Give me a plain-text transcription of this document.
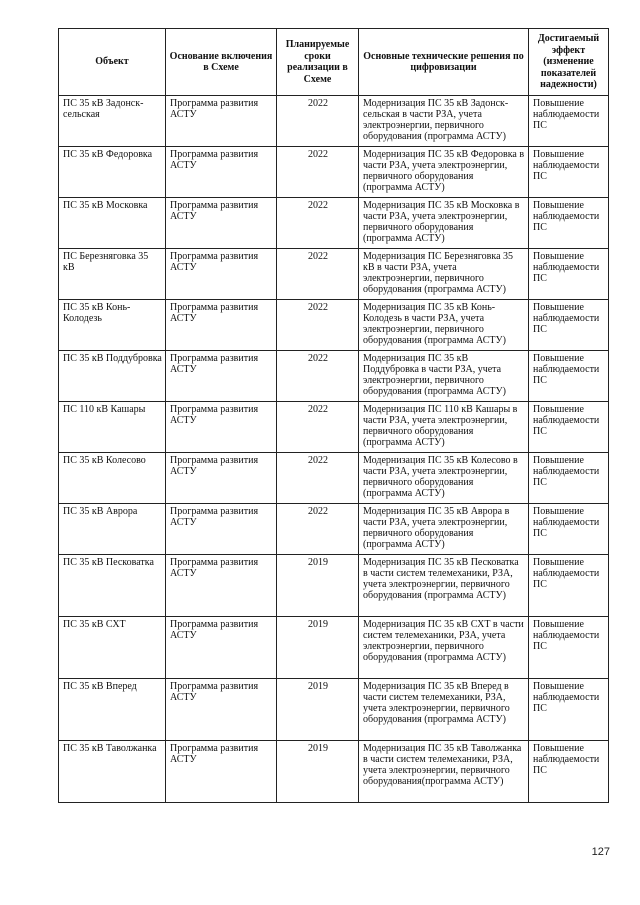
Объект	Основание включения в Схеме	Планируемые сроки реализации в Схеме	Основные технические решения по цифровизации	Достигаемый эффект (изменение показателей надежности)
ПС 35 кВ Задонск-сельская	Программа развития АСТУ	2022	Модернизация ПС 35 кВ Задонск-сельская в части РЗА, учета электроэнергии, первичного оборудования (программа АСТУ)	Повышение наблюдаемости ПС
ПС 35 кВ Федоровка	Программа развития АСТУ	2022	Модернизация ПС 35 кВ Федоровка в части РЗА, учета электроэнергии, первичного оборудования (программа АСТУ)	Повышение наблюдаемости ПС
ПС 35 кВ Московка	Программа развития АСТУ	2022	Модернизация ПС 35 кВ Московка в части РЗА, учета электроэнергии, первичного оборудования (программа АСТУ)	Повышение наблюдаемости ПС
ПС Березняговка 35 кВ	Программа развития АСТУ	2022	Модернизация ПС Березняговка 35 кВ в части РЗА, учета электроэнергии, первичного оборудования (программа АСТУ)	Повышение наблюдаемости ПС
ПС 35 кВ Конь-Колодезь	Программа развития АСТУ	2022	Модернизация ПС 35 кВ Конь-Колодезь в части РЗА, учета электроэнергии, первичного оборудования (программа АСТУ)	Повышение наблюдаемости ПС
ПС 35 кВ Поддубровка	Программа развития АСТУ	2022	Модернизация ПС 35 кВ Поддубровка в части РЗА, учета электроэнергии, первичного оборудования (программа АСТУ)	Повышение наблюдаемости ПС
ПС 110 кВ Кашары	Программа развития АСТУ	2022	Модернизация ПС 110 кВ Кашары в части РЗА, учета электроэнергии, первичного оборудования (программа АСТУ)	Повышение наблюдаемости ПС
ПС 35 кВ Колесово	Программа развития АСТУ	2022	Модернизация ПС 35 кВ Колесово в части РЗА, учета электроэнергии, первичного оборудования (программа АСТУ)	Повышение наблюдаемости ПС
ПС 35 кВ Аврора	Программа развития АСТУ	2022	Модернизация ПС 35 кВ Аврора в части РЗА, учета электроэнергии, первичного оборудования (программа АСТУ)	Повышение наблюдаемости ПС
ПС 35 кВ Песковатка	Программа развития АСТУ	2019	Модернизация ПС 35 кВ Песковатка в части систем телемеханики, РЗА, учета электроэнергии, первичного оборудования (программа АСТУ)	Повышение наблюдаемости ПС
ПС 35 кВ СХТ	Программа развития АСТУ	2019	Модернизация ПС 35 кВ СХТ в части систем телемеханики, РЗА, учета электроэнергии, первичного оборудования (программа АСТУ)	Повышение наблюдаемости ПС
ПС 35 кВ Вперед	Программа развития АСТУ	2019	Модернизация ПС 35 кВ Вперед в части систем телемеханики, РЗА, учета электроэнергии, первичного оборудования (программа АСТУ)	Повышение наблюдаемости ПС
ПС 35 кВ Таволжанка	Программа развития АСТУ	2019	Модернизация ПС 35 кВ Таволжанка в части систем телемеханики, РЗА, учета электроэнергии, первичного оборудования(программа АСТУ)	Повышение наблюдаемости ПС
127
